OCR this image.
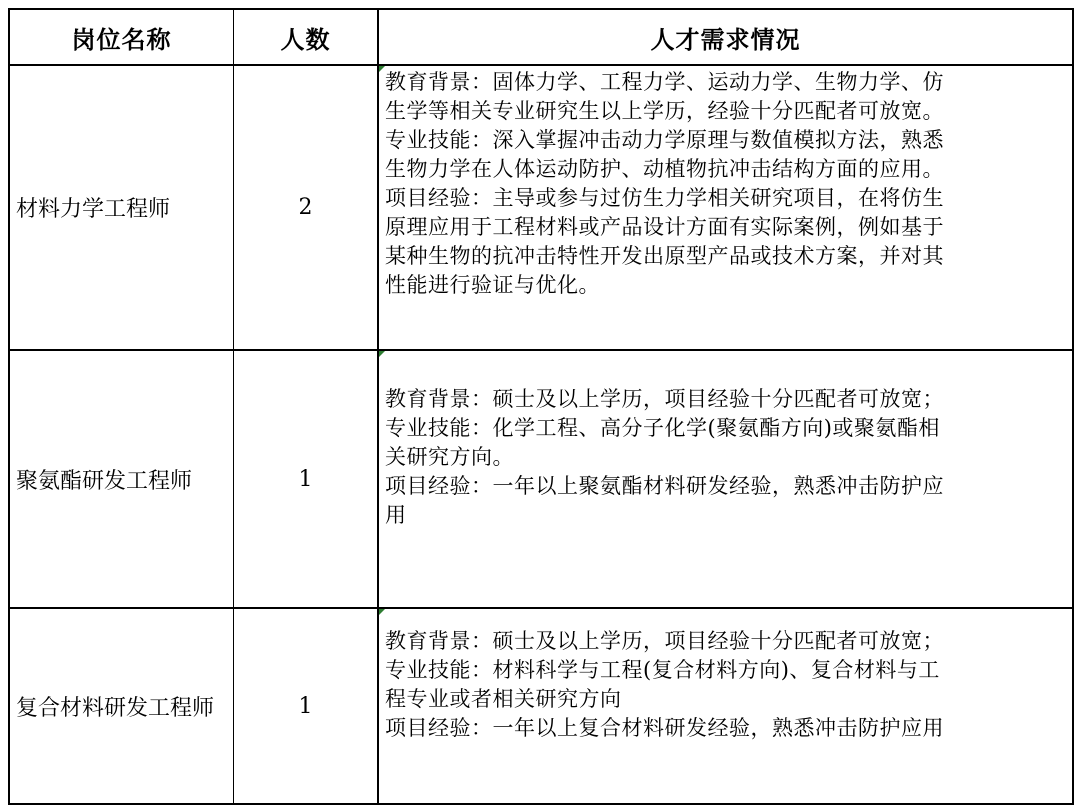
岗位名称	人数	人才需求情况
材料力学工程师	2
教育背景：固体力学、工程力学、运动力学、生物力学、仿
生学等相关专业研究生以上学历，经验十分匹配者可放宽。
专业技能：深入掌握冲击动力学原理与数值模拟方法，熟悉
生物力学在人体运动防护、动植物抗冲击结构方面的应用。
项目经验：主导或参与过仿生力学相关研究项目，在将仿生
原理应用于工程材料或产品设计方面有实际案例，例如基于
某种生物的抗冲击特性开发出原型产品或技术方案，并对其
性能进行验证与优化。
聚氨酯研发工程师	1
教育背景：硕士及以上学历，项目经验十分匹配者可放宽；
专业技能：化学工程、高分子化学(聚氨酯方向)或聚氨酯相
关研究方向。
项目经验：一年以上聚氨酯材料研发经验，熟悉冲击防护应
用
复合材料研发工程师	1
教育背景：硕士及以上学历，项目经验十分匹配者可放宽；
专业技能：材料科学与工程(复合材料方向)、复合材料与工
程专业或者相关研究方向
项目经验：一年以上复合材料研发经验，熟悉冲击防护应用
